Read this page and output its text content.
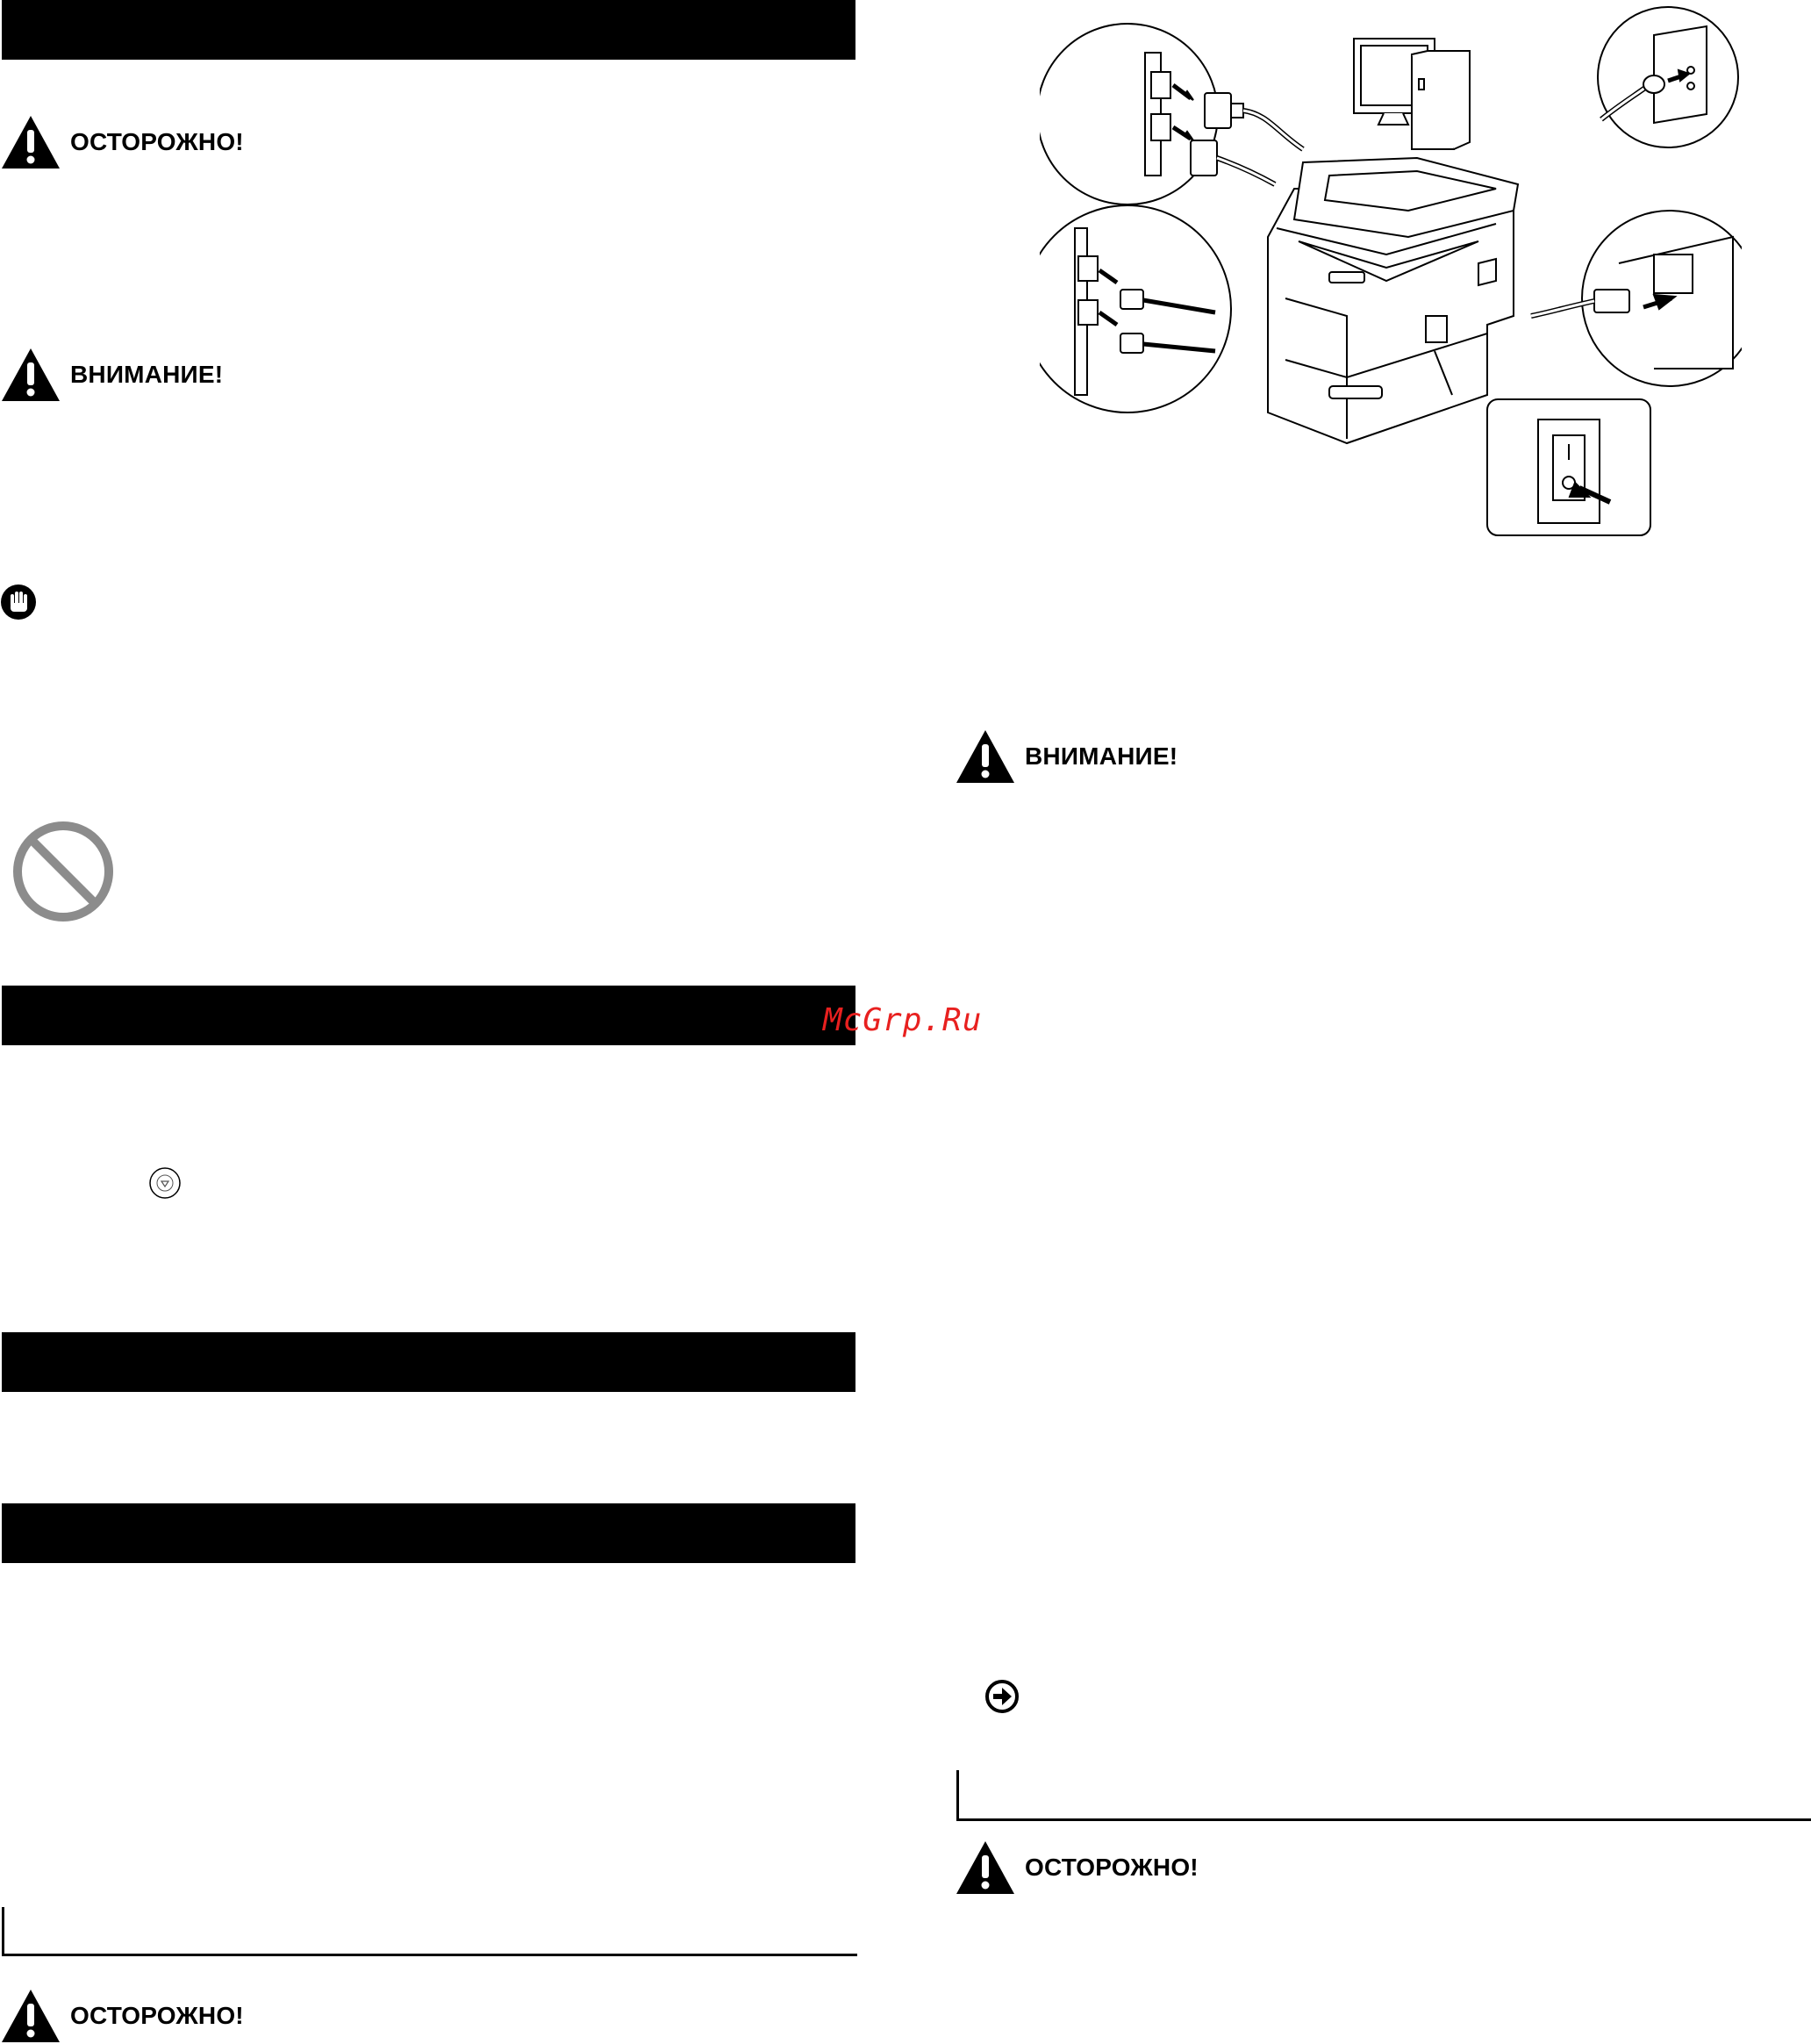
ОСТОРОЖНО!
ВНИМАНИЕ!
McGrp.Ru
ОСТОРОЖНО!
ВНИМАНИЕ!
ОСТОРОЖНО!
